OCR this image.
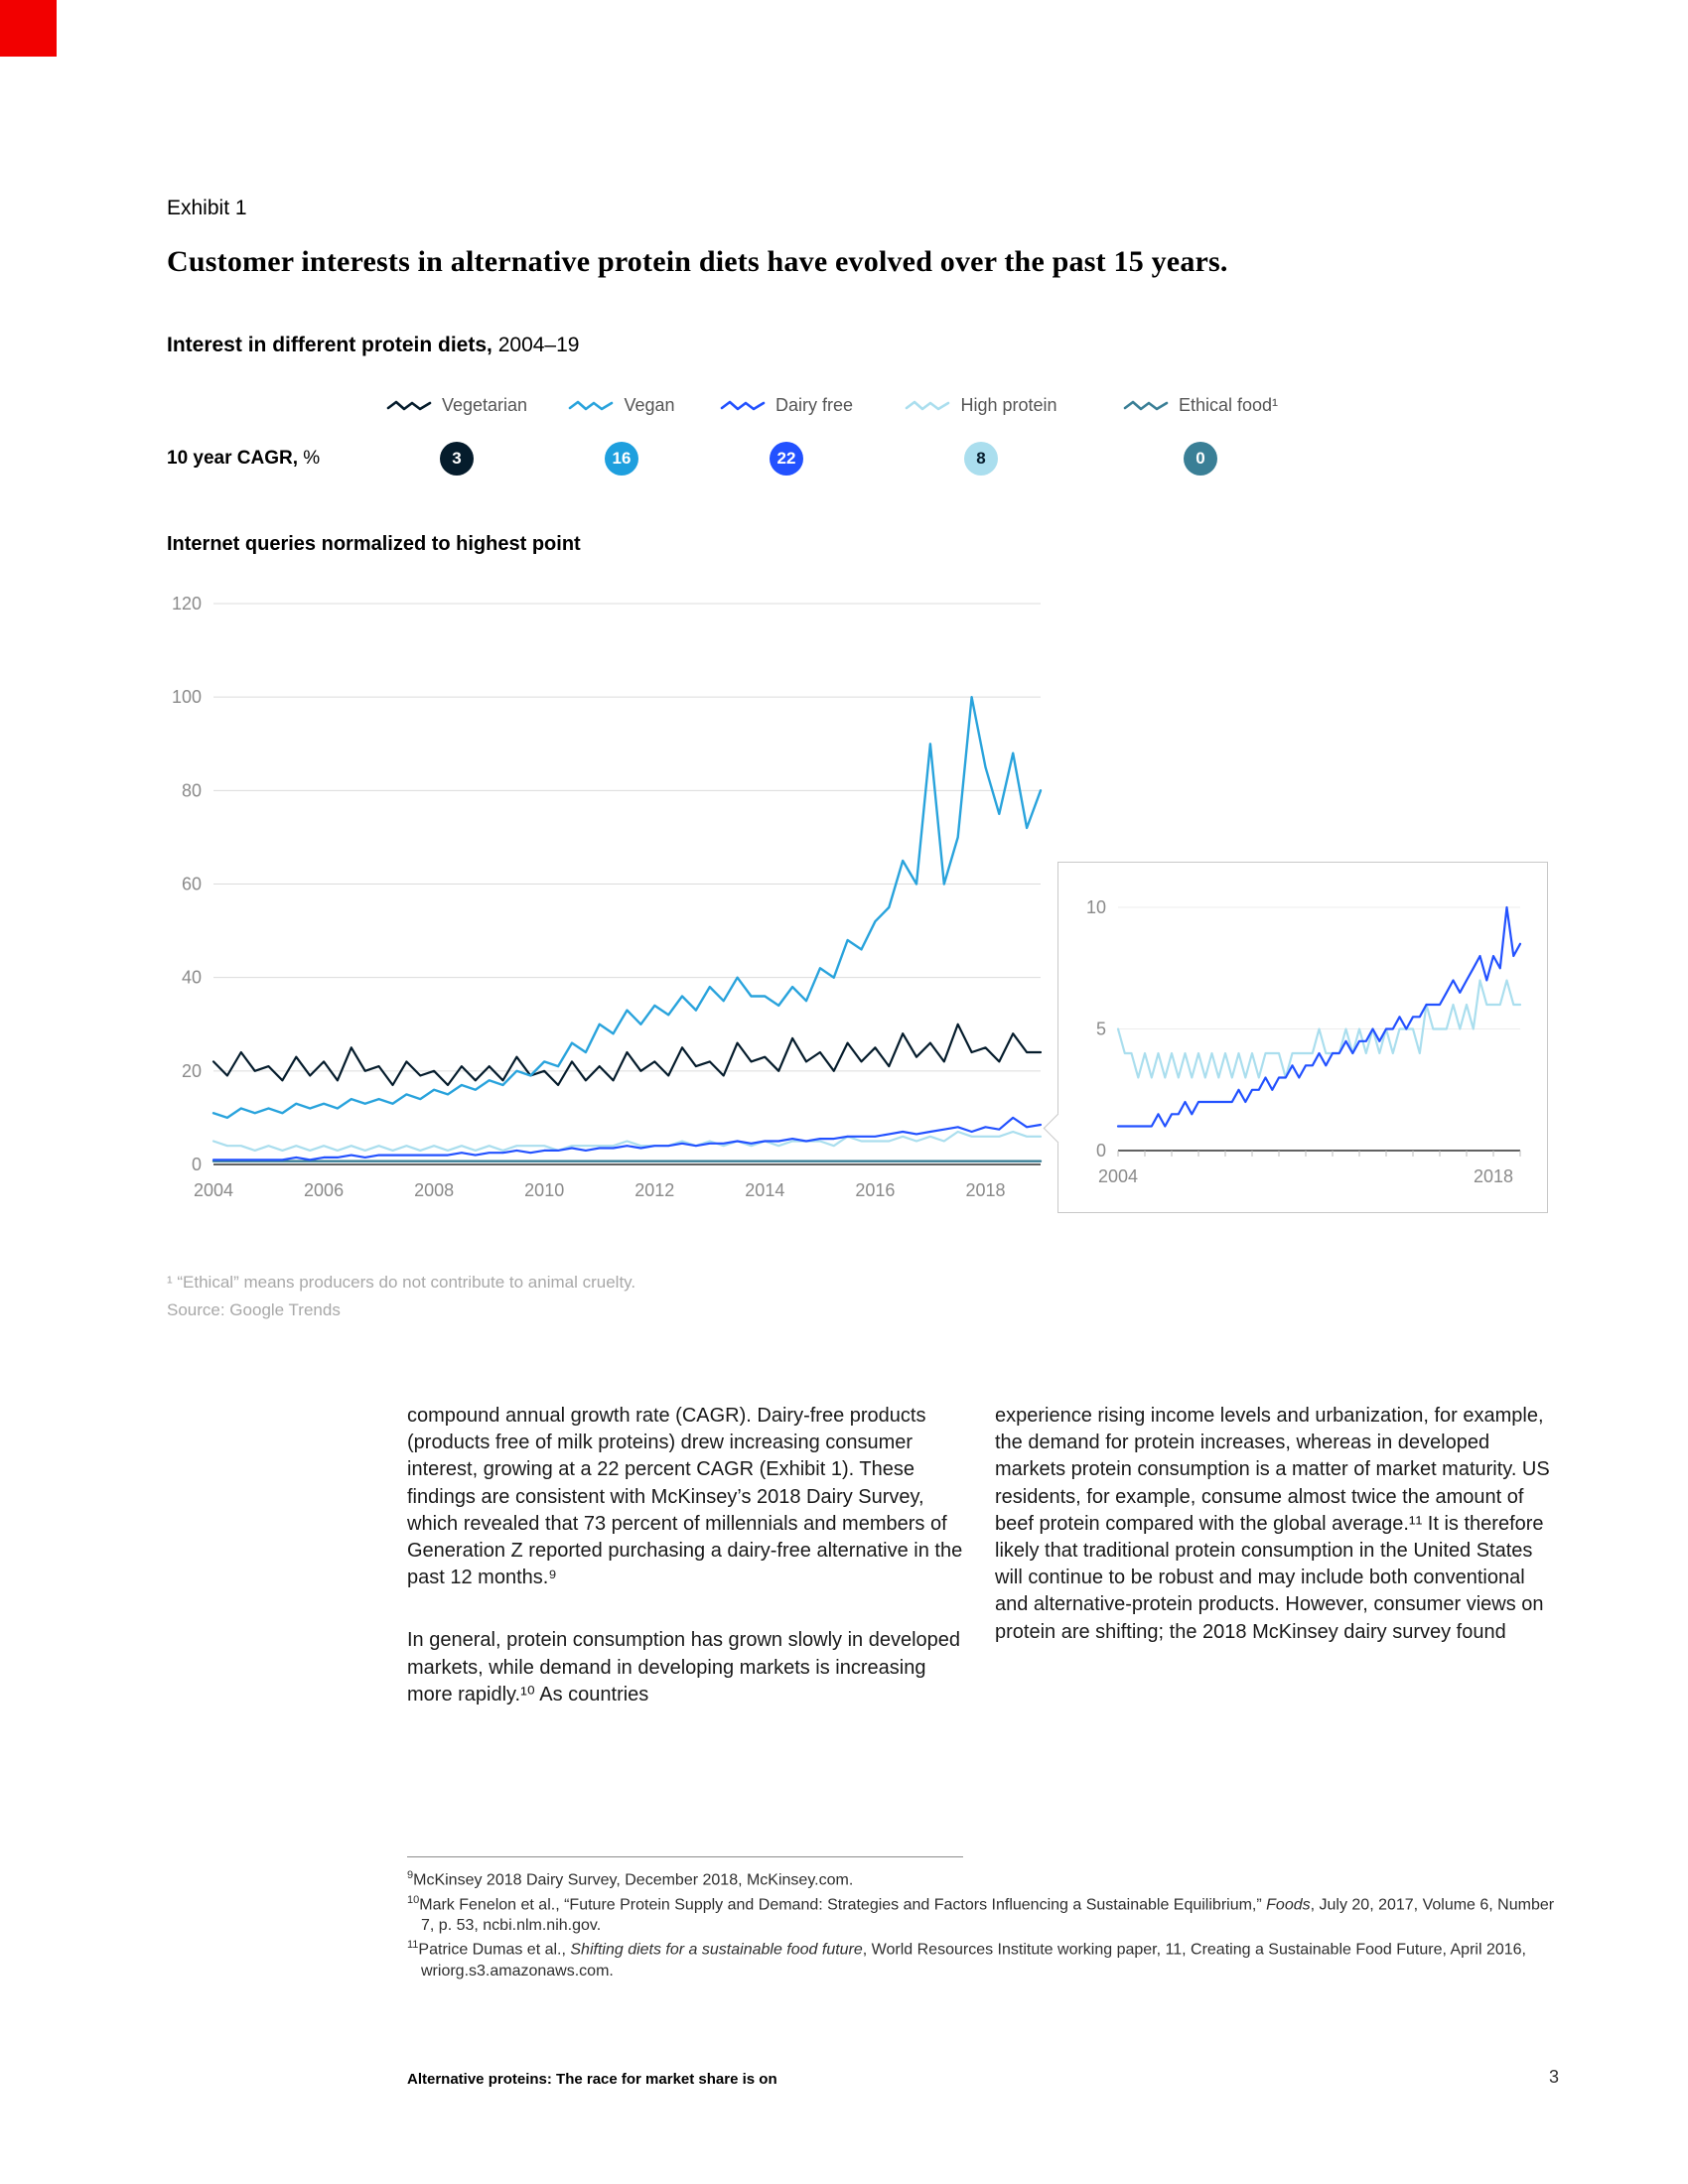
Exhibit 1
Customer interests in alternative protein diets have evolved over the past 15 years.
Interest in different protein diets, 2004–19
Vegetarian	Vegan	Dairy free	High protein	Ethical food¹
10 year CAGR, %	3	16	22	8	0
Internet queries normalized to highest point
0
20
40
60
80
100
120
2004	2006	2008	2010	2012	2014	2016	2018
0
5
10
2004	2018
¹ “Ethical” means producers do not contribute to animal cruelty.
Source: Google Trends

compound annual growth rate (CAGR). Dairy-free products (products free of milk proteins) drew increasing consumer interest, growing at a 22 percent CAGR (Exhibit 1). These findings are consistent with McKinsey’s 2018 Dairy Survey, which revealed that 73 percent of millennials and members of Generation Z reported purchasing a dairy-free alternative in the past 12 months.⁹

In general, protein consumption has grown slowly in developed markets, while demand in developing markets is increasing more rapidly.¹⁰ As countries

experience rising income levels and urbanization, for example, the demand for protein increases, whereas in developed markets protein consumption is a matter of market maturity. US residents, for example, consume almost twice the amount of beef protein compared with the global average.¹¹ It is therefore likely that traditional protein consumption in the United States will continue to be robust and may include both conventional and alternative-protein products. However, consumer views on protein are shifting; the 2018 McKinsey dairy survey found

$^9$McKinsey 2018 Dairy Survey, December 2018, McKinsey.com.
$^{10}$Mark Fenelon et al., “Future Protein Supply and Demand: Strategies and Factors Influencing a Sustainable Equilibrium,” Foods, July 20, 2017, Volume 6, Number 7, p. 53, ncbi.nlm.nih.gov.
$^{11}$Patrice Dumas et al., Shifting diets for a sustainable food future, World Resources Institute working paper, 11, Creating a Sustainable Food Future, April 2016, wriorg.s3.amazonaws.com.
Alternative proteins: The race for market share is on	3
